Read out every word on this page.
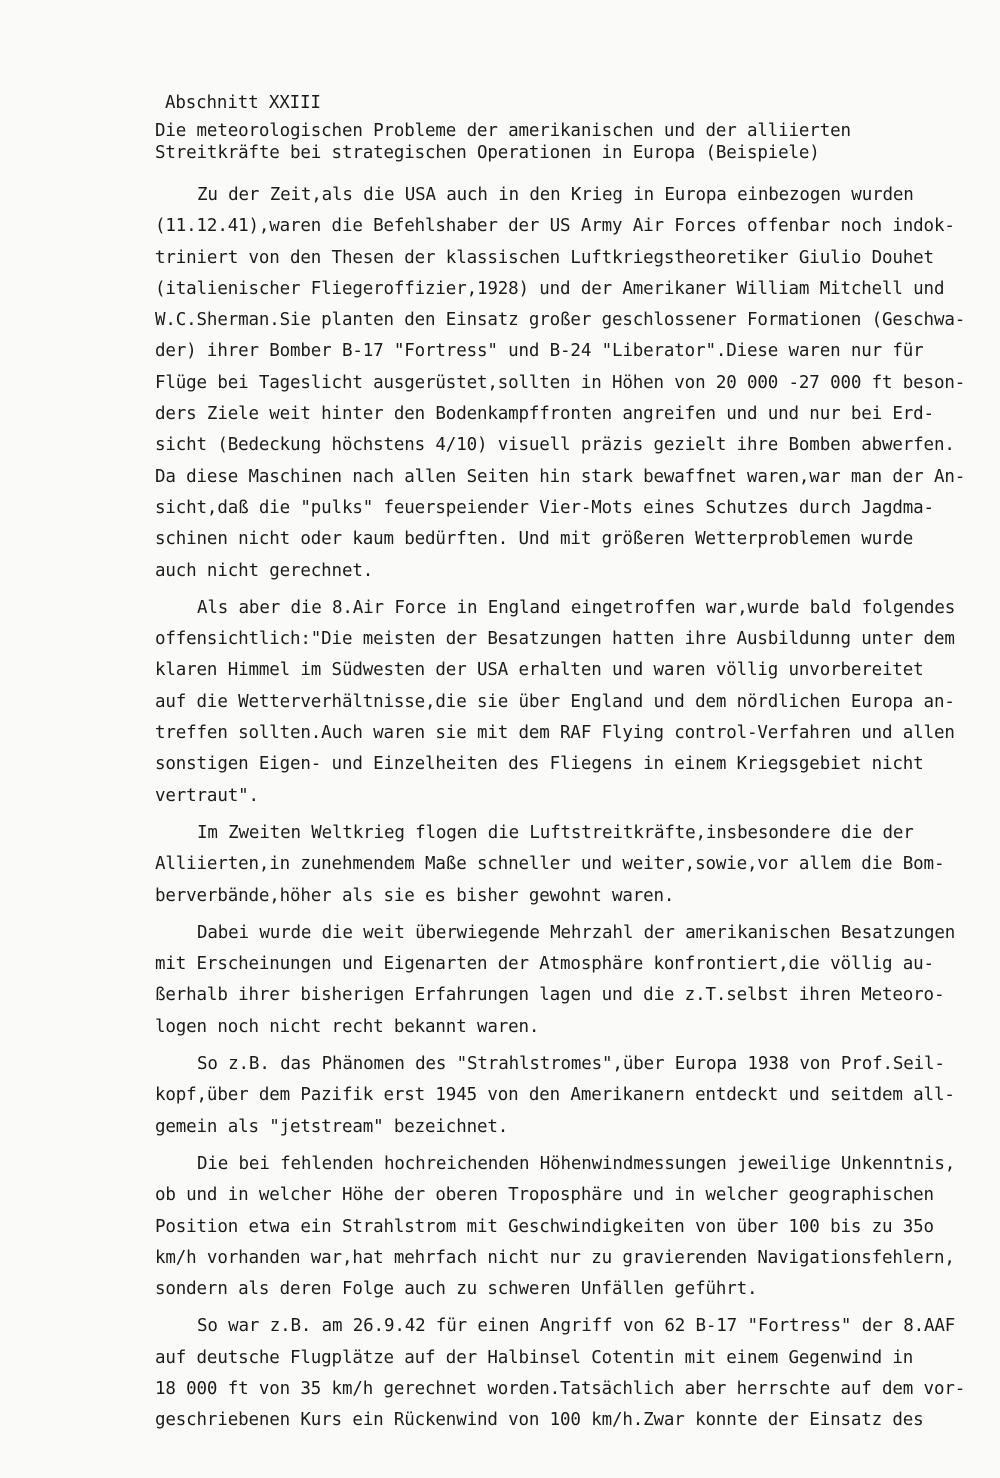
Abschnitt XXIII
Die meteorologischen Probleme der amerikanischen und der alliierten
Streitkräfte bei strategischen Operationen in Europa (Beispiele)
Zu der Zeit,als die USA auch in den Krieg in Europa einbezogen wurden
(11.12.41),waren die Befehlshaber der US Army Air Forces offenbar noch indok-
triniert von den Thesen der klassischen Luftkriegstheoretiker Giulio Douhet
(italienischer Fliegeroffizier,1928) und der Amerikaner William Mitchell und
W.C.Sherman.Sie planten den Einsatz großer geschlossener Formationen (Geschwa-
der) ihrer Bomber B-17 "Fortress" und B-24 "Liberator".Diese waren nur für
Flüge bei Tageslicht ausgerüstet,sollten in Höhen von 20 000 -27 000 ft beson-
ders Ziele weit hinter den Bodenkampffronten angreifen und und nur bei Erd-
sicht (Bedeckung höchstens 4/10) visuell präzis gezielt ihre Bomben abwerfen.
Da diese Maschinen nach allen Seiten hin stark bewaffnet waren,war man der An-
sicht,daß die "pulks" feuerspeiender Vier-Mots eines Schutzes durch Jagdma-
schinen nicht oder kaum bedürften. Und mit größeren Wetterproblemen wurde
auch nicht gerechnet.
Als aber die 8.Air Force in England eingetroffen war,wurde bald folgendes
offensichtlich:"Die meisten der Besatzungen hatten ihre Ausbildunng unter dem
klaren Himmel im Südwesten der USA erhalten und waren völlig unvorbereitet
auf die Wetterverhältnisse,die sie über England und dem nördlichen Europa an-
treffen sollten.Auch waren sie mit dem RAF Flying control-Verfahren und allen
sonstigen Eigen- und Einzelheiten des Fliegens in einem Kriegsgebiet nicht
vertraut".
Im Zweiten Weltkrieg flogen die Luftstreitkräfte,insbesondere die der
Alliierten,in zunehmendem Maße schneller und weiter,sowie,vor allem die Bom-
berverbände,höher als sie es bisher gewohnt waren.
Dabei wurde die weit überwiegende Mehrzahl der amerikanischen Besatzungen
mit Erscheinungen und Eigenarten der Atmosphäre konfrontiert,die völlig au-
ßerhalb ihrer bisherigen Erfahrungen lagen und die z.T.selbst ihren Meteoro-
logen noch nicht recht bekannt waren.
So z.B. das Phänomen des "Strahlstromes",über Europa 1938 von Prof.Seil-
kopf,über dem Pazifik erst 1945 von den Amerikanern entdeckt und seitdem all-
gemein als "jetstream" bezeichnet.
Die bei fehlenden hochreichenden Höhenwindmessungen jeweilige Unkenntnis,
ob und in welcher Höhe der oberen Troposphäre und in welcher geographischen
Position etwa ein Strahlstrom mit Geschwindigkeiten von über 100 bis zu 35o
km/h vorhanden war,hat mehrfach nicht nur zu gravierenden Navigationsfehlern,
sondern als deren Folge auch zu schweren Unfällen geführt.
So war z.B. am 26.9.42 für einen Angriff von 62 B-17 "Fortress" der 8.AAF
auf deutsche Flugplätze auf der Halbinsel Cotentin mit einem Gegenwind in
18 000 ft von 35 km/h gerechnet worden.Tatsächlich aber herrschte auf dem vor-
geschriebenen Kurs ein Rückenwind von 100 km/h.Zwar konnte der Einsatz des
